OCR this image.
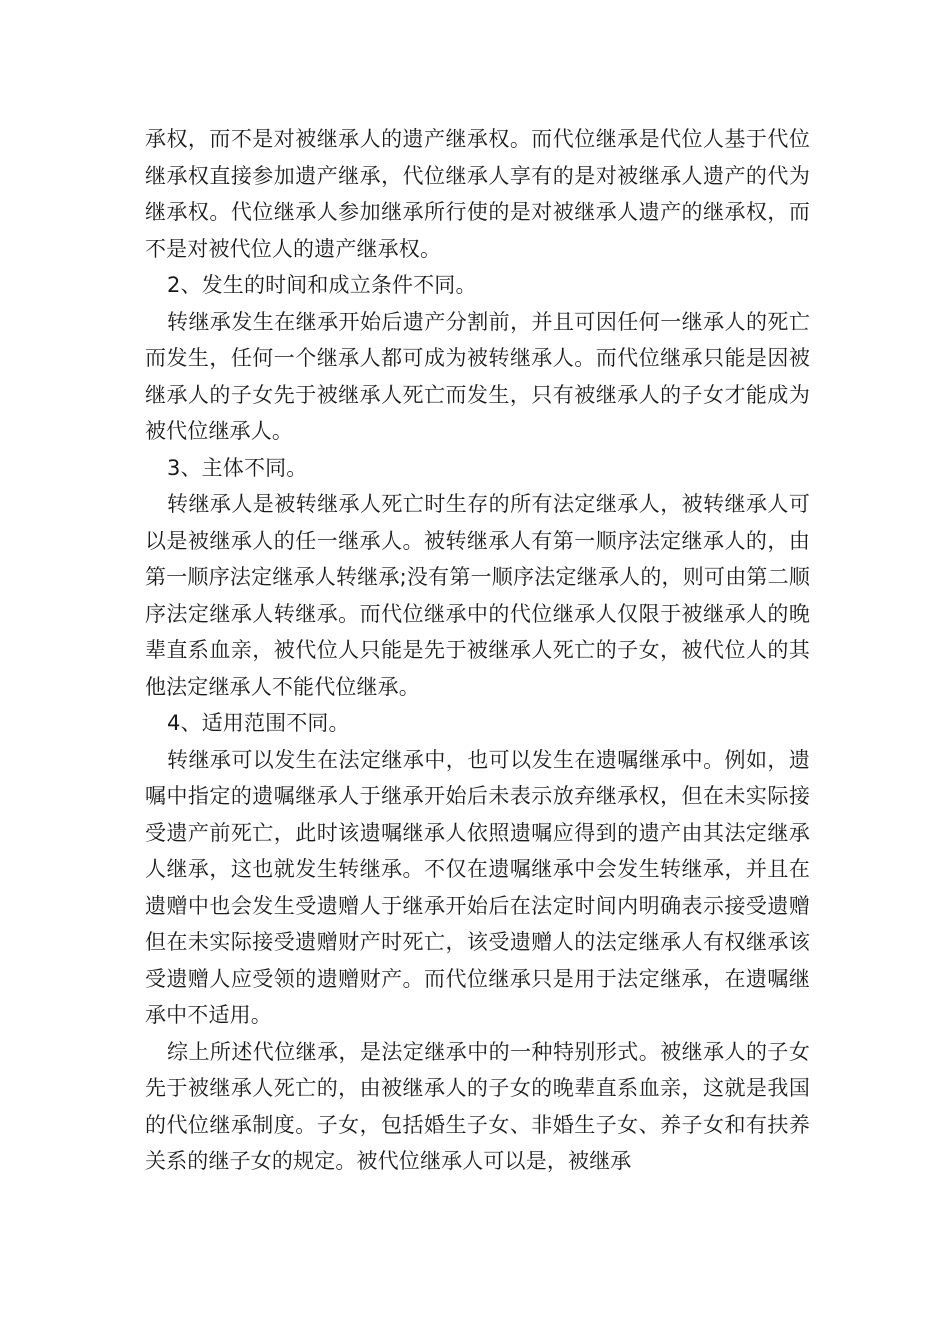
承权，而不是对被继承人的遗产继承权。而代位继承是代位人基于代位继承权直接参加遗产继承，代位继承人享有的是对被继承人遗产的代为继承权。代位继承人参加继承所行使的是对被继承人遗产的继承权，而不是对被代位人的遗产继承权。

2、发生的时间和成立条件不同。

转继承发生在继承开始后遗产分割前，并且可因任何一继承人的死亡而发生，任何一个继承人都可成为被转继承人。而代位继承只能是因被继承人的子女先于被继承人死亡而发生，只有被继承人的子女才能成为被代位继承人。

3、主体不同。

转继承人是被转继承人死亡时生存的所有法定继承人，被转继承人可以是被继承人的任一继承人。被转继承人有第一顺序法定继承人的，由第一顺序法定继承人转继承;没有第一顺序法定继承人的，则可由第二顺序法定继承人转继承。而代位继承中的代位继承人仅限于被继承人的晚辈直系血亲，被代位人只能是先于被继承人死亡的子女，被代位人的其他法定继承人不能代位继承。

4、适用范围不同。

转继承可以发生在法定继承中，也可以发生在遗嘱继承中。例如，遗嘱中指定的遗嘱继承人于继承开始后未表示放弃继承权，但在未实际接受遗产前死亡，此时该遗嘱继承人依照遗嘱应得到的遗产由其法定继承人继承，这也就发生转继承。不仅在遗嘱继承中会发生转继承，并且在遗赠中也会发生受遗赠人于继承开始后在法定时间内明确表示接受遗赠但在未实际接受遗赠财产时死亡，该受遗赠人的法定继承人有权继承该受遗赠人应受领的遗赠财产。而代位继承只是用于法定继承，在遗嘱继承中不适用。

综上所述代位继承，是法定继承中的一种特别形式。被继承人的子女先于被继承人死亡的，由被继承人的子女的晚辈直系血亲，这就是我国的代位继承制度。子女，包括婚生子女、非婚生子女、养子女和有扶养关系的继子女的规定。被代位继承人可以是，被继承
